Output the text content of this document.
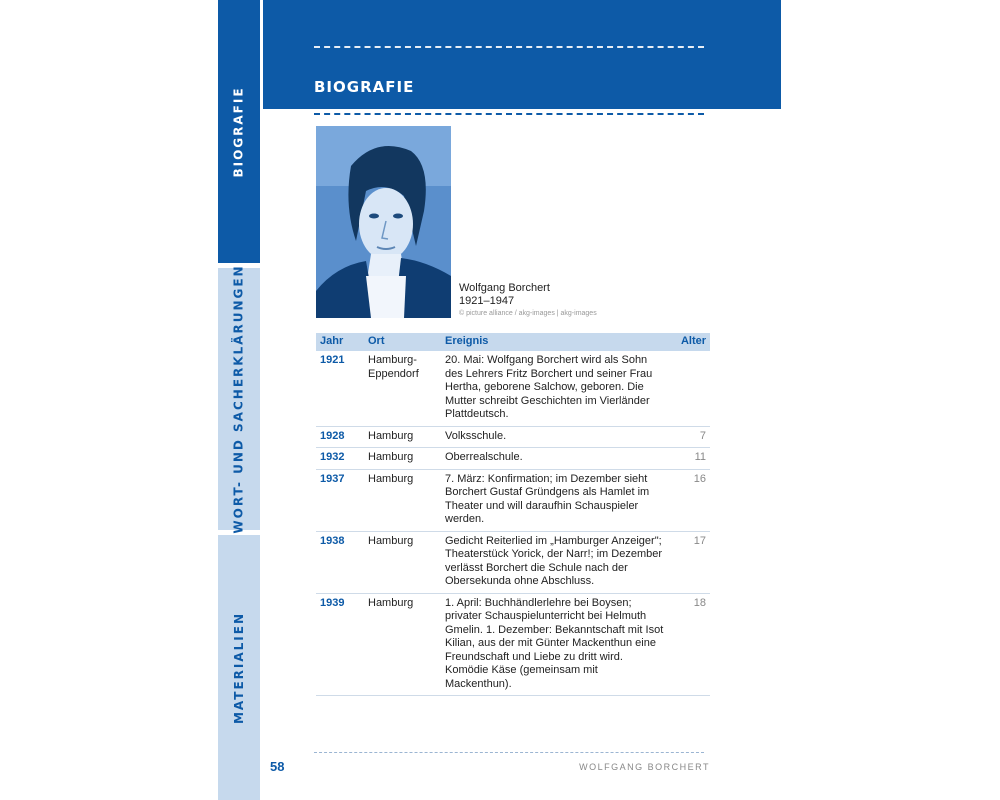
BIOGRAFIE
WORT- UND SACHERKLÄRUNGEN
MATERIALIEN
BIOGRAFIE
Wolfgang Borchert
1921–1947
© picture alliance / akg-images | akg-images
Jahr	Ort	Ereignis	Alter
1921	Hamburg-Eppendorf	20. Mai: Wolfgang Borchert wird als Sohn des Lehrers Fritz Borchert und seiner Frau Hertha, geborene Salchow, geboren. Die Mutter schreibt Geschichten im Vierländer Plattdeutsch.	
1928	Hamburg	Volksschule.	7
1932	Hamburg	Oberrealschule.	11
1937	Hamburg	7. März: Konfirmation; im Dezember sieht Borchert Gustaf Gründgens als Hamlet im Theater und will daraufhin Schauspieler werden.	16
1938	Hamburg	Gedicht Reiterlied im „Hamburger Anzeiger"; Theaterstück Yorick, der Narr!; im Dezember verlässt Borchert die Schule nach der Obersekunda ohne Abschluss.	17
1939	Hamburg	1. April: Buchhändlerlehre bei Boysen; privater Schauspielunterricht bei Helmuth Gmelin. 1. Dezember: Bekanntschaft mit Isot Kilian, aus der mit Günter Mackenthun eine Freundschaft und Liebe zu dritt wird. Komödie Käse (gemeinsam mit Mackenthun).	18
58	WOLFGANG BORCHERT
